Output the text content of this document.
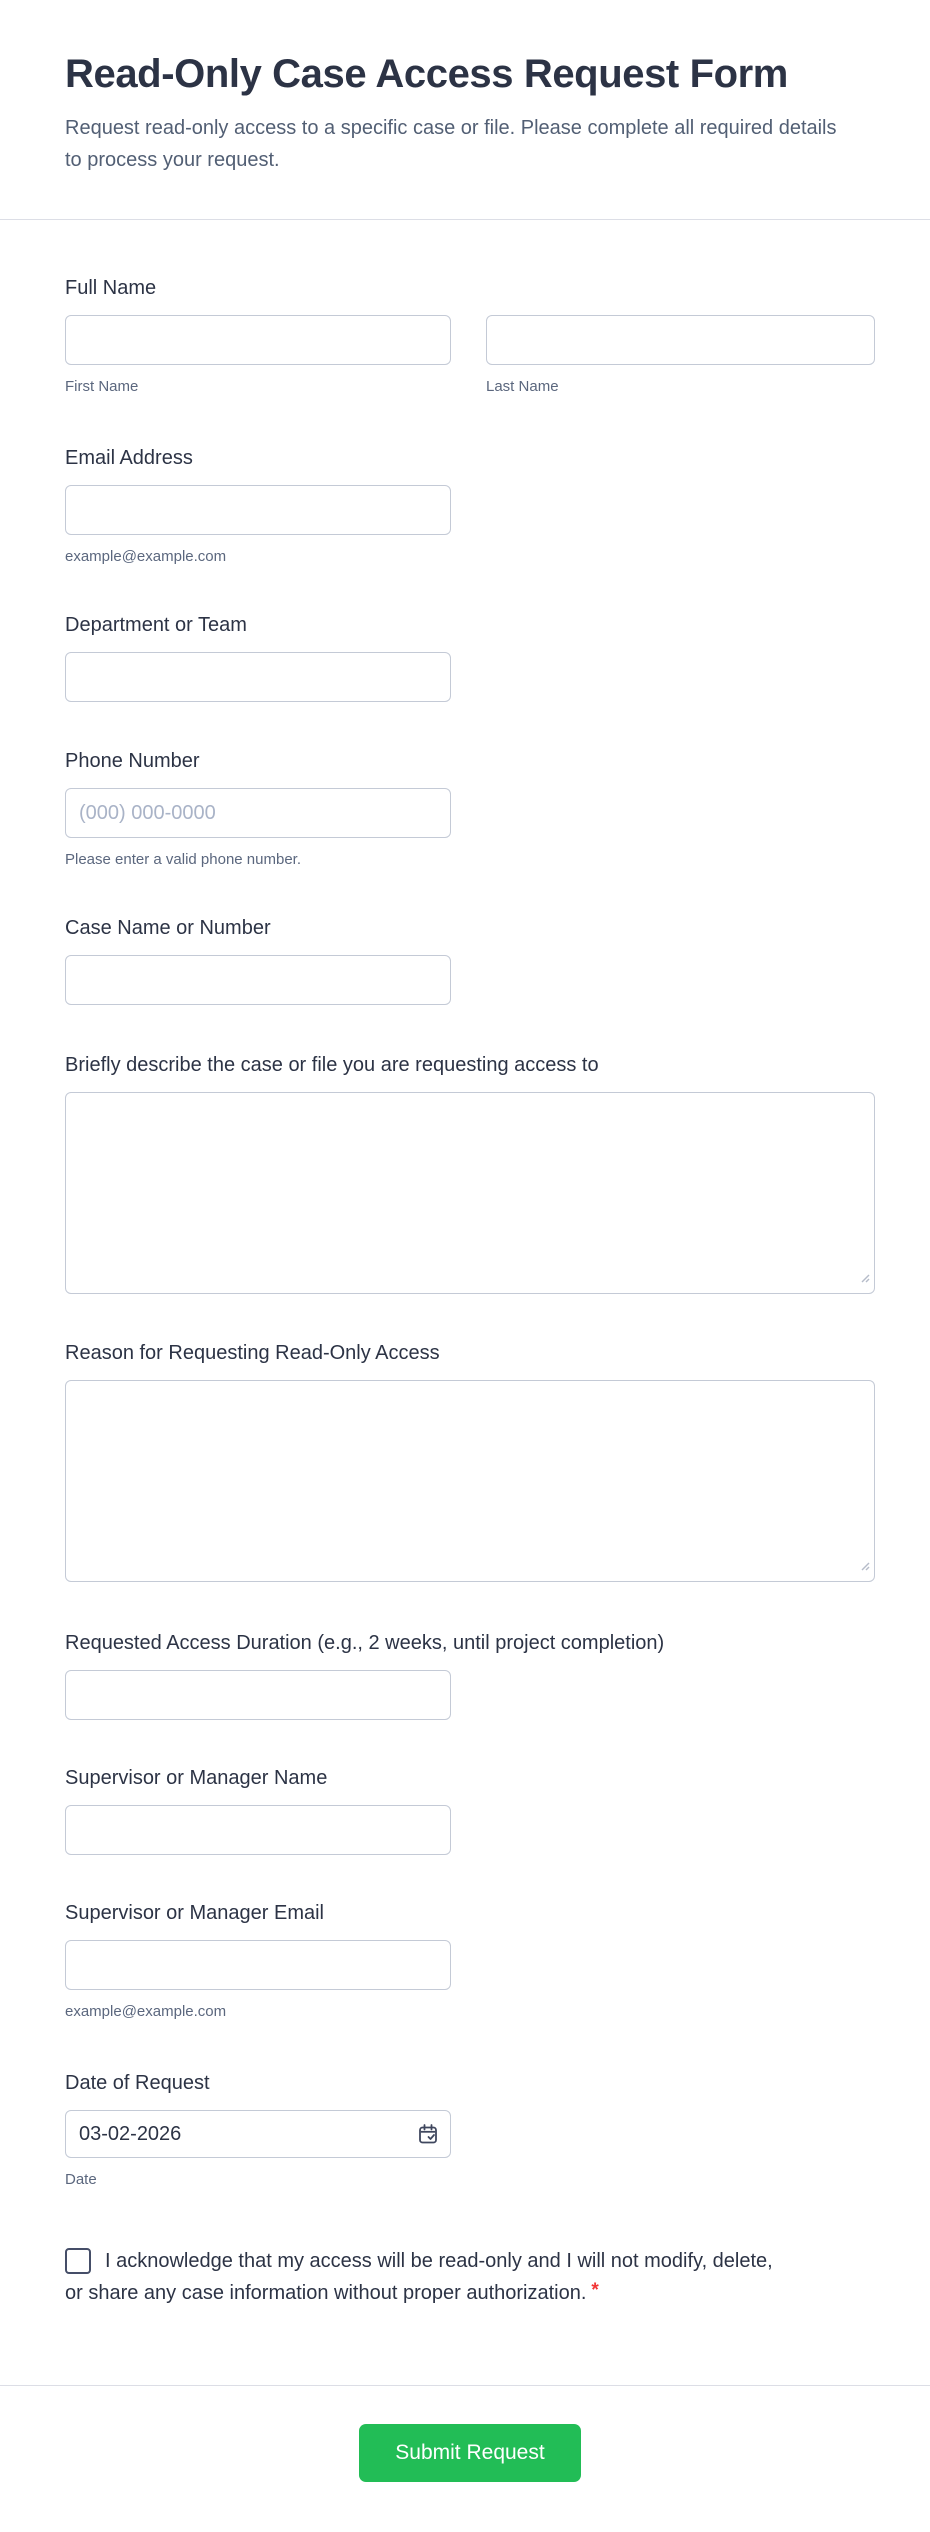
Read-Only Case Access Request Form

Request read-only access to a specific case or file. Please complete all required details to process your request.

Full Name
First Name	Last Name
Email Address
example@example.com
Department or Team
Phone Number
(000) 000-0000
Please enter a valid phone number.
Case Name or Number
Briefly describe the case or file you are requesting access to
Reason for Requesting Read-Only Access
Requested Access Duration (e.g., 2 weeks, until project completion)
Supervisor or Manager Name
Supervisor or Manager Email
example@example.com
Date of Request
03-02-2026
Date
I acknowledge that my access will be read-only and I will not modify, delete, or share any case information without proper authorization. *
Submit Request
